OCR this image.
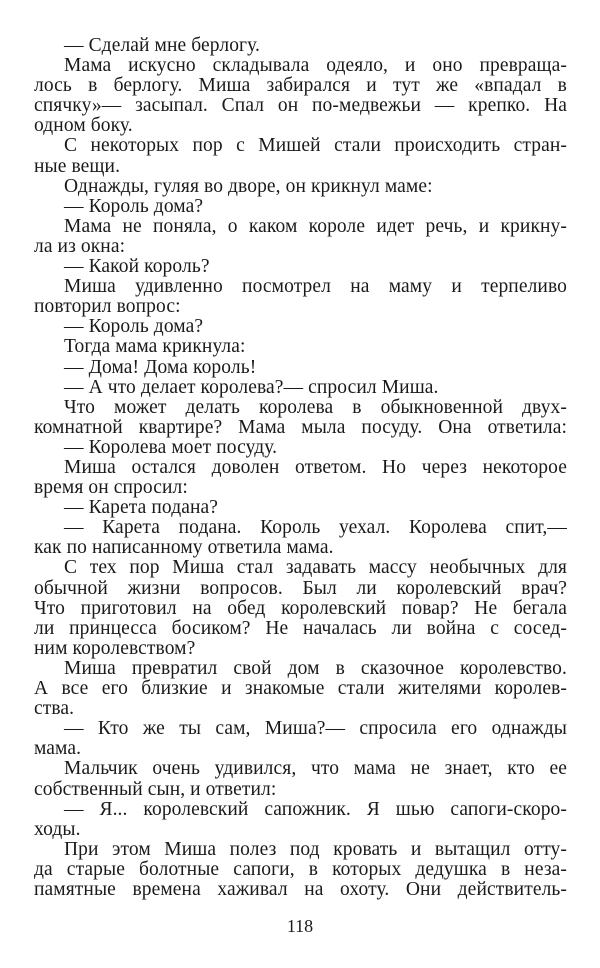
— Сделай мне берлогу.
Мама искусно складывала одеяло, и оно превраща-
лось в берлогу. Миша забирался и тут же «впадал в
спячку»— засыпал. Спал он по-медвежьи — крепко. На
одном боку.
С некоторых пор с Мишей стали происходить стран-
ные вещи.
Однажды, гуляя во дворе, он крикнул маме:
— Король дома?
Мама не поняла, о каком короле идет речь, и крикну-
ла из окна:
— Какой король?
Миша удивленно посмотрел на маму и терпеливо
повторил вопрос:
— Король дома?
Тогда мама крикнула:
— Дома! Дома король!
— А что делает королева?— спросил Миша.
Что может делать королева в обыкновенной двух-
комнатной квартире? Мама мыла посуду. Она ответила:
— Королева моет посуду.
Миша остался доволен ответом. Но через некоторое
время он спросил:
— Карета подана?
— Карета подана. Король уехал. Королева спит,—
как по написанному ответила мама.
С тех пор Миша стал задавать массу необычных для
обычной жизни вопросов. Был ли королевский врач?
Что приготовил на обед королевский повар? Не бегала
ли принцесса босиком? Не началась ли война с сосед-
ним королевством?
Миша превратил свой дом в сказочное королевство.
А все его близкие и знакомые стали жителями королев-
ства.
— Кто же ты сам, Миша?— спросила его однажды
мама.
Мальчик очень удивился, что мама не знает, кто ее
собственный сын, и ответил:
— Я... королевский сапожник. Я шью сапоги-скоро-
ходы.
При этом Миша полез под кровать и вытащил отту-
да старые болотные сапоги, в которых дедушка в неза-
памятные времена хаживал на охоту. Они действитель-
118
